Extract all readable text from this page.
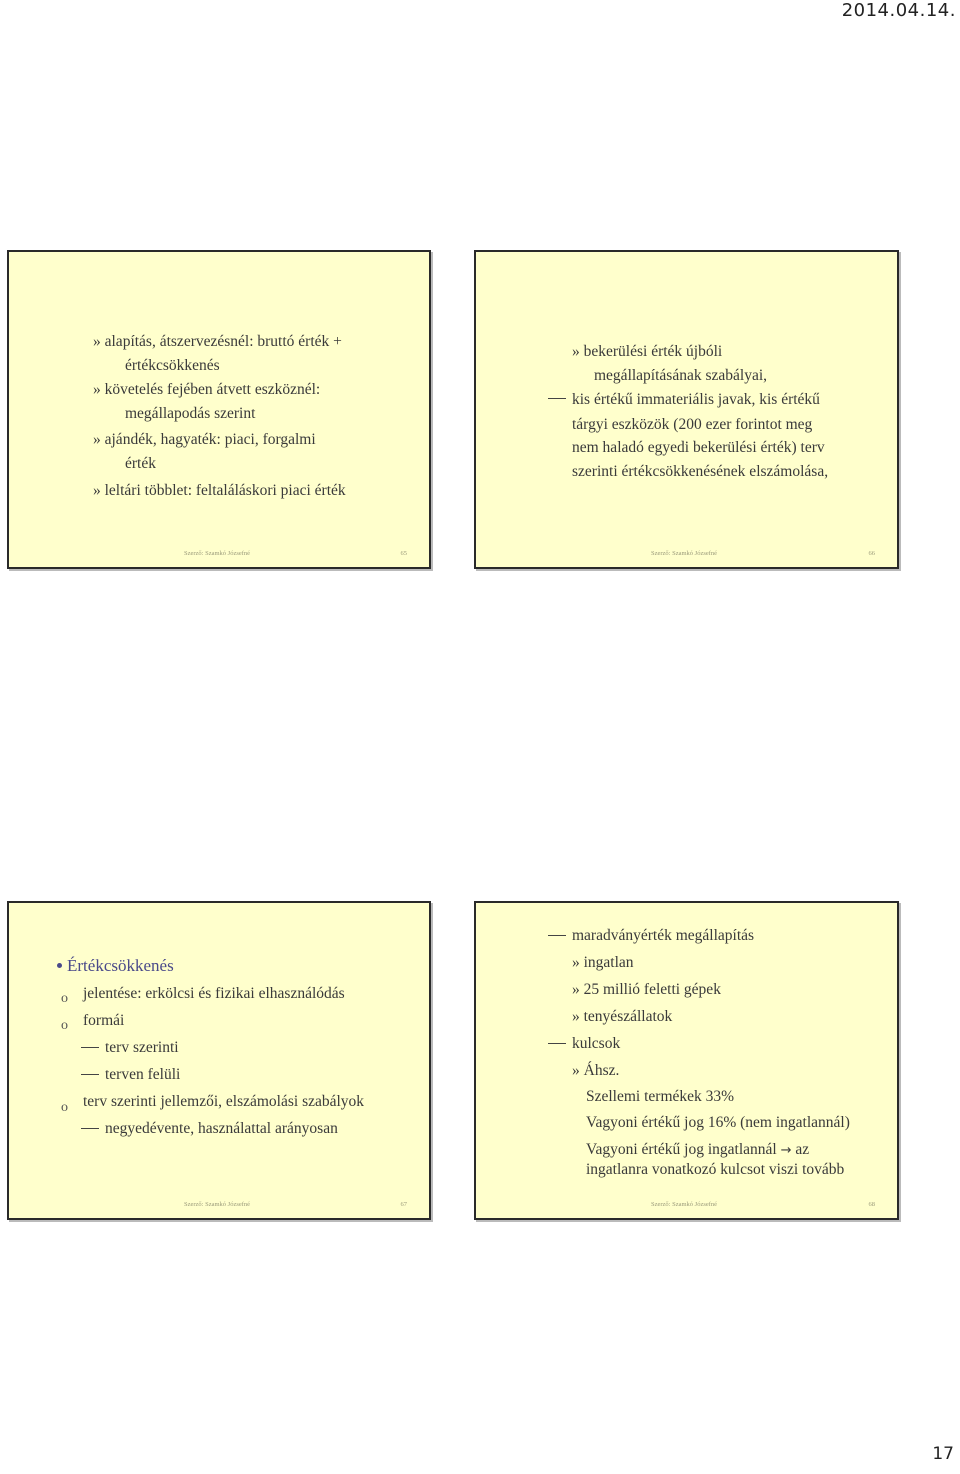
2014.04.14.
» alapítás, átszervezésnél: bruttó érték +
értékcsökkenés
» követelés fejében átvett eszköznél:
megállapodás szerint
» ajándék, hagyaték: piaci, forgalmi
érték
» leltári többlet: feltaláláskori piaci érték
Szerző: Szamkó Józsefné	65
» bekerülési érték újbóli
megállapításának szabályai,
kis értékű immateriális javak, kis értékű
tárgyi eszközök (200 ezer forintot meg
nem haladó egyedi bekerülési érték) terv
szerinti értékcsökkenésének elszámolása,
Szerző: Szamkó Józsefné	66
Értékcsökkenés
o jelentése: erkölcsi és fizikai elhasználódás
o formái
terv szerinti
terven felüli
o terv szerinti jellemzői, elszámolási szabályok
negyedévente, használattal arányosan
Szerző: Szamkó Józsefné	67
maradványérték megállapítás
» ingatlan
» 25 millió feletti gépek
» tenyészállatok
kulcsok
» Áhsz.
Szellemi termékek 33%
Vagyoni értékű jog 16% (nem ingatlannál)
Vagyoni értékű jog ingatlannál → az
ingatlanra vonatkozó kulcsot viszi tovább
Szerző: Szamkó Józsefné	68
17
